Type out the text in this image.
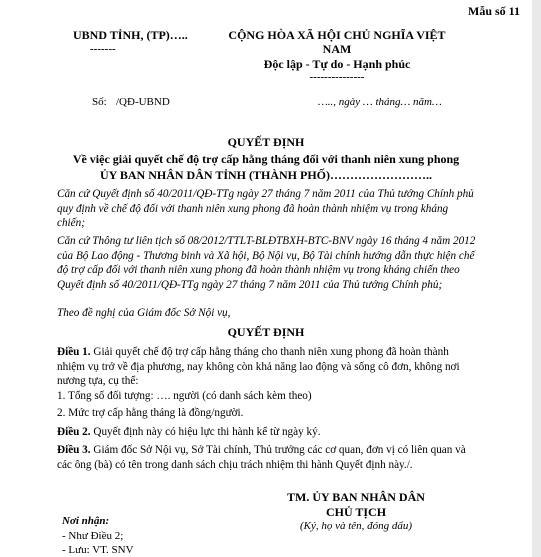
Mẫu số 11
UBND TỈNH, (TP)…..
-------
CỘNG HÒA XÃ HỘI CHỦ NGHĨA VIỆT
NAM
Độc lập - Tự do - Hạnh phúc
---------------
Số: /QĐ-UBND	….., ngày … tháng… năm…
QUYẾT ĐỊNH
Về việc giải quyết chế độ trợ cấp hằng tháng đối với thanh niên xung phong
ỦY BAN NHÂN DÂN TỈNH (THÀNH PHỐ)……………………..
Căn cứ Quyết định số 40/2011/QĐ-TTg ngày 27 tháng 7 năm 2011 của Thủ tướng Chính phủ quy định về chế độ đối với thanh niên xung phong đã hoàn thành nhiệm vụ trong kháng chiến;
Căn cứ Thông tư liên tịch số 08/2012/TTLT-BLĐTBXH-BTC-BNV ngày 16 tháng 4 năm 2012 của Bộ Lao động - Thương binh và Xã hội, Bộ Nội vụ, Bộ Tài chính hướng dẫn thực hiện chế độ trợ cấp đối với thanh niên xung phong đã hoàn thành nhiệm vụ trong kháng chiến theo Quyết định số 40/2011/QĐ-TTg ngày 27 tháng 7 năm 2011 của Thủ tướng Chính phủ;
Theo đề nghị của Giám đốc Sở Nội vụ,
QUYẾT ĐỊNH
Điều 1. Giải quyết chế độ trợ cấp hằng tháng cho thanh niên xung phong đã hoàn thành nhiệm vụ trở về địa phương, nay không còn khả năng lao động và sống cô đơn, không nơi nương tựa, cụ thể:
1. Tổng số đối tượng: …. người (có danh sách kèm theo)
2. Mức trợ cấp hằng tháng là đồng/người.
Điều 2. Quyết định này có hiệu lực thi hành kể từ ngày ký.
Điều 3. Giám đốc Sở Nội vụ, Sở Tài chính, Thủ trưởng các cơ quan, đơn vị có liên quan và các ông (bà) có tên trong danh sách chịu trách nhiệm thi hành Quyết định này./.
TM. ỦY BAN NHÂN DÂN
CHỦ TỊCH
(Ký, họ và tên, đóng dấu)
Nơi nhận:
- Như Điều 2;
- Lưu: VT. SNV
